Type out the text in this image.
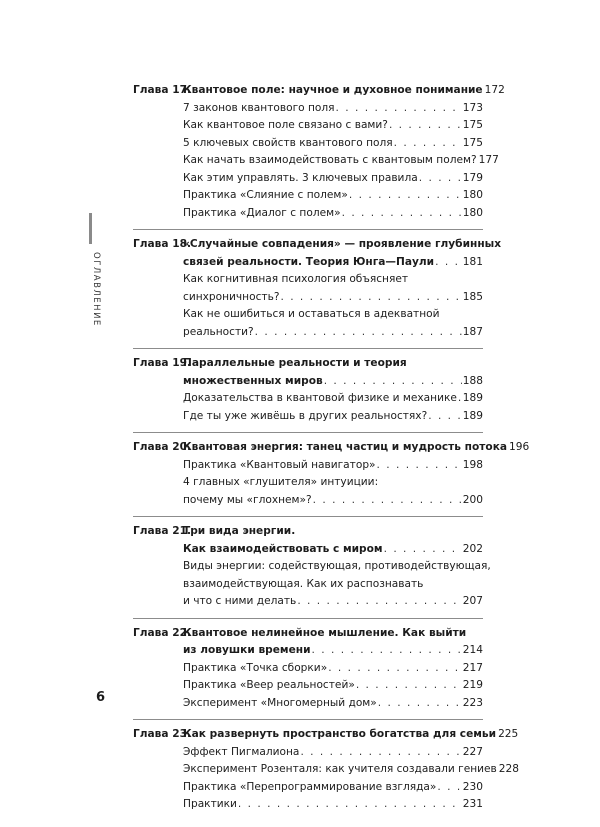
ОГЛАВЛЕНИЕ
Глава 17.
Квантовое поле: научное и духовное понимание 172
7 законов квантового поля . . .	173
Как квантовое поле связано с вами? . . .	175
5 ключевых свойств квантового поля . . .	175
Как начать взаимодействовать с квантовым полем? 177
Как этим управлять. 3 ключевых правила . . .	179
Практика «Слияние с полем» . . .	180
Практика «Диалог с полем» . . .	180
Глава 18.
«Случайные совпадения» — проявление глубинных
связей реальности. Теория Юнга—Паули . . .	181
Как когнитивная психология объясняет
синхроничность? . . .	185
Как не ошибиться и оставаться в адекватной
реальности? . . .	187
Глава 19.
Параллельные реальности и теория
множественных миров . . .	188
Доказательства в квантовой физике и механике . . . 189
Где ты уже живёшь в других реальностях? . . .	189
Глава 20.
Квантовая энергия: танец частиц и мудрость потока 196
Практика «Квантовый навигатор» . . .	198
4 главных «глушителя» интуиции:
почему мы «глохнем»? . . .	200
Глава 21.
Три вида энергии.
Как взаимодействовать с миром . . .	202
Виды энергии: содействующая, противодействующая,
взаимодействующая. Как их распознавать
и что с ними делать . . .	207
Глава 22.
Квантовое нелинейное мышление. Как выйти
из ловушки времени . . .	214
Практика «Точка сборки» . . .	217
Практика «Веер реальностей» . . .	219
Эксперимент «Многомерный дом» . . .	223
Глава 23.
Как развернуть пространство богатства для семьи 225
Эффект Пигмалиона . . .	227
Эксперимент Розенталя: как учителя создавали гениев 228
Практика «Перепрограммирование взгляда» . . . 230
Практики . . .	231
6
